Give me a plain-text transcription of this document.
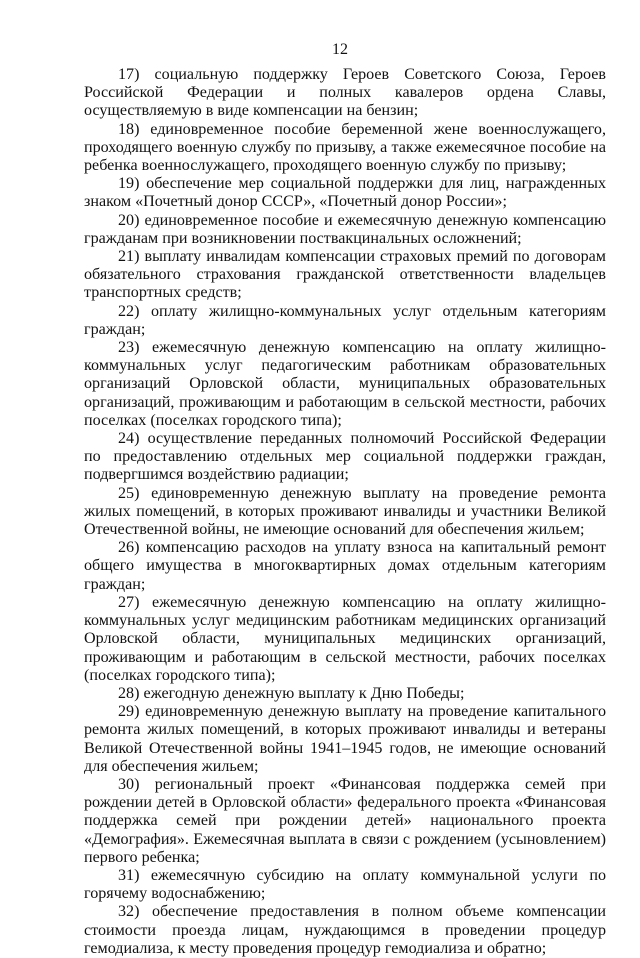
12

17) социальную поддержку Героев Советского Союза, Героев Российской Федерации и полных кавалеров ордена Славы, осуществляемую в виде компенсации на бензин;

18) единовременное пособие беременной жене военнослужащего, проходящего военную службу по призыву, а также ежемесячное пособие на ребенка военнослужащего, проходящего военную службу по призыву;

19) обеспечение мер социальной поддержки для лиц, награжденных знаком «Почетный донор СССР», «Почетный донор России»;

20) единовременное пособие и ежемесячную денежную компенсацию гражданам при возникновении поствакцинальных осложнений;

21) выплату инвалидам компенсации страховых премий по договорам обязательного страхования гражданской ответственности владельцев транспортных средств;

22) оплату жилищно-коммунальных услуг отдельным категориям граждан;

23) ежемесячную денежную компенсацию на оплату жилищно-коммунальных услуг педагогическим работникам образовательных организаций Орловской области, муниципальных образовательных организаций, проживающим и работающим в сельской местности, рабочих поселках (поселках городского типа);

24) осуществление переданных полномочий Российской Федерации по предоставлению отдельных мер социальной поддержки граждан, подвергшимся воздействию радиации;

25) единовременную денежную выплату на проведение ремонта жилых помещений, в которых проживают инвалиды и участники Великой Отечественной войны, не имеющие оснований для обеспечения жильем;

26) компенсацию расходов на уплату взноса на капитальный ремонт общего имущества в многоквартирных домах отдельным категориям граждан;

27) ежемесячную денежную компенсацию на оплату жилищно-коммунальных услуг медицинским работникам медицинских организаций Орловской области, муниципальных медицинских организаций, проживающим и работающим в сельской местности, рабочих поселках (поселках городского типа);

28) ежегодную денежную выплату к Дню Победы;

29) единовременную денежную выплату на проведение капитального ремонта жилых помещений, в которых проживают инвалиды и ветераны Великой Отечественной войны 1941–1945 годов, не имеющие оснований для обеспечения жильем;

30) региональный проект «Финансовая поддержка семей при рождении детей в Орловской области» федерального проекта «Финансовая поддержка семей при рождении детей» национального проекта «Демография». Ежемесячная выплата в связи с рождением (усыновлением) первого ребенка;

31) ежемесячную субсидию на оплату коммунальной услуги по горячему водоснабжению;

32) обеспечение предоставления в полном объеме компенсации стоимости проезда лицам, нуждающимся в проведении процедур гемодиализа, к месту проведения процедур гемодиализа и обратно;
